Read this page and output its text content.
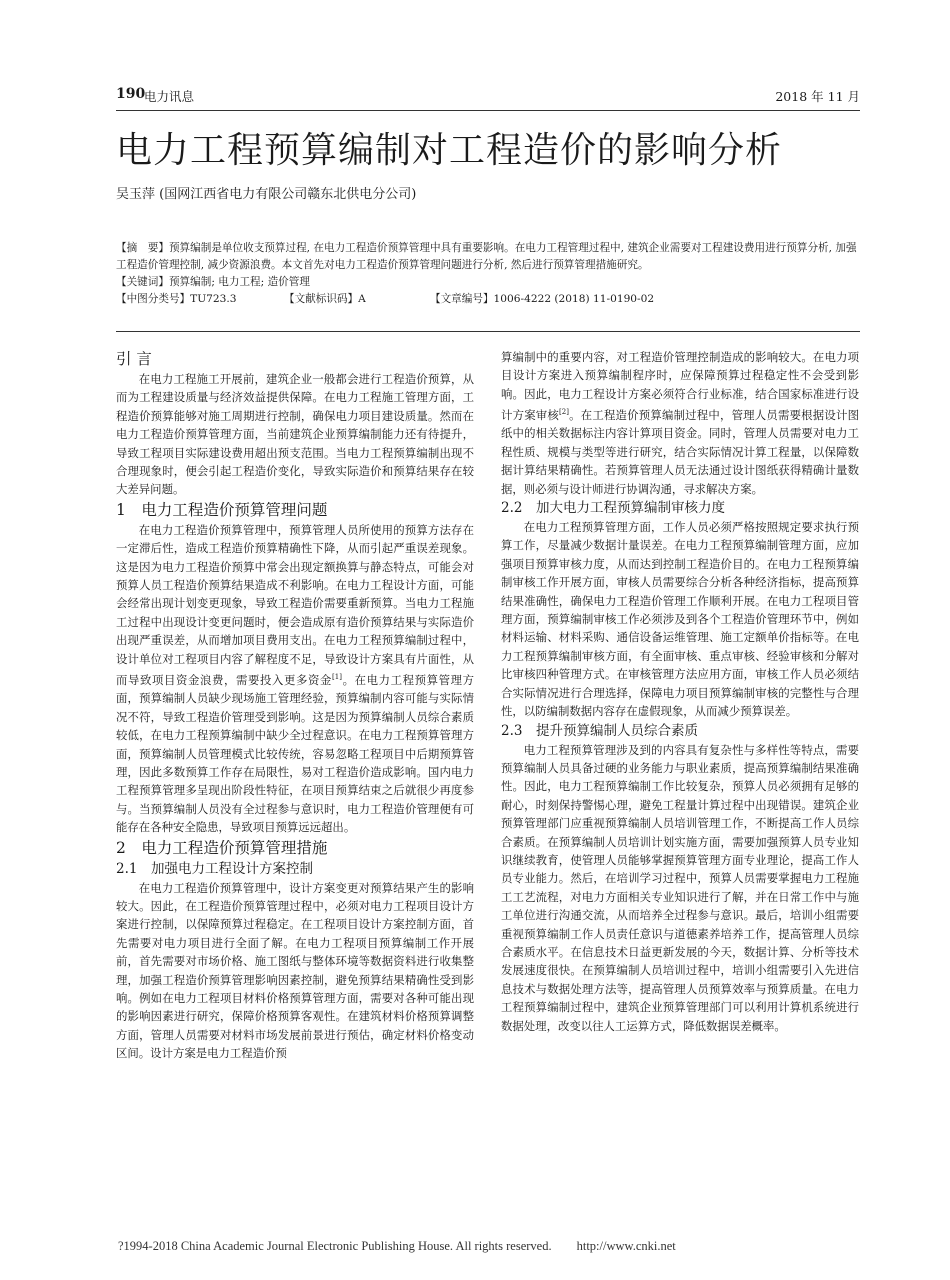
190
电力讯息	2018 年 11 月
电力工程预算编制对工程造价的影响分析
吴玉萍 (国网江西省电力有限公司赣东北供电分公司)

【摘　要】预算编制是单位收支预算过程, 在电力工程造价预算管理中具有重要影响。在电力工程管理过程中, 建筑企业需要对工程建设费用进行预算分析, 加强工程造价管理控制, 减少资源浪费。本文首先对电力工程造价预算管理问题进行分析, 然后进行预算管理措施研究。

【关键词】预算编制; 电力工程; 造价管理

【中图分类号】TU723.3	【文献标识码】A	【文章编号】1006-4222 (2018) 11-0190-02
引 言

在电力工程施工开展前，建筑企业一般都会进行工程造价预算，从而为工程建设质量与经济效益提供保障。在电力工程施工管理方面，工程造价预算能够对施工周期进行控制，确保电力项目建设质量。然而在电力工程造价预算管理方面，当前建筑企业预算编制能力还有待提升，导致工程项目实际建设费用超出预支范围。当电力工程预算编制出现不合理现象时，便会引起工程造价变化，导致实际造价和预算结果存在较大差异问题。

1　电力工程造价预算管理问题

在电力工程造价预算管理中，预算管理人员所使用的预算方法存在一定滞后性，造成工程造价预算精确性下降，从而引起严重误差现象。这是因为电力工程造价预算中常会出现定额换算与静态特点，可能会对预算人员工程造价预算结果造成不利影响。在电力工程设计方面，可能会经常出现计划变更现象，导致工程造价需要重新预算。当电力工程施工过程中出现设计变更问题时，便会造成原有造价预算结果与实际造价出现严重误差，从而增加项目费用支出。在电力工程预算编制过程中，设计单位对工程项目内容了解程度不足，导致设计方案具有片面性，从而导致项目资金浪费，需要投入更多资金[1]。在电力工程预算管理方面，预算编制人员缺少现场施工管理经验，预算编制内容可能与实际情况不符，导致工程造价管理受到影响。这是因为预算编制人员综合素质较低，在电力工程预算编制中缺少全过程意识。在电力工程预算管理方面，预算编制人员管理模式比较传统，容易忽略工程项目中后期预算管理，因此多数预算工作存在局限性，易对工程造价造成影响。国内电力工程预算管理多呈现出阶段性特征，在项目预算结束之后就很少再度参与。当预算编制人员没有全过程参与意识时，电力工程造价管理便有可能存在各种安全隐患，导致项目预算远远超出。

2　电力工程造价预算管理措施
2.1　加强电力工程设计方案控制

在电力工程造价预算管理中，设计方案变更对预算结果产生的影响较大。因此，在工程造价预算管理过程中，必须对电力工程项目设计方案进行控制，以保障预算过程稳定。在工程项目设计方案控制方面，首先需要对电力项目进行全面了解。在电力工程项目预算编制工作开展前，首先需要对市场价格、施工图纸与整体环境等数据资料进行收集整理，加强工程造价预算管理影响因素控制，避免预算结果精确性受到影响。例如在电力工程项目材料价格预算管理方面，需要对各种可能出现的影响因素进行研究，保障价格预算客观性。在建筑材料价格预算调整方面，管理人员需要对材料市场发展前景进行预估，确定材料价格变动区间。设计方案是电力工程造价预

算编制中的重要内容，对工程造价管理控制造成的影响较大。在电力项目设计方案进入预算编制程序时，应保障预算过程稳定性不会受到影响。因此，电力工程设计方案必须符合行业标准，结合国家标准进行设计方案审核[2]。在工程造价预算编制过程中，管理人员需要根据设计图纸中的相关数据标注内容计算项目资金。同时，管理人员需要对电力工程性质、规模与类型等进行研究，结合实际情况计算工程量，以保障数据计算结果精确性。若预算管理人员无法通过设计图纸获得精确计量数据，则必须与设计师进行协调沟通，寻求解决方案。

2.2　加大电力工程预算编制审核力度

在电力工程预算管理方面，工作人员必须严格按照规定要求执行预算工作，尽量减少数据计量误差。在电力工程预算编制管理方面，应加强项目预算审核力度，从而达到控制工程造价目的。在电力工程预算编制审核工作开展方面，审核人员需要综合分析各种经济指标，提高预算结果准确性，确保电力工程造价管理工作顺利开展。在电力工程项目管理方面，预算编制审核工作必须涉及到各个工程造价管理环节中，例如材料运输、材料采购、通信设备运维管理、施工定额单价指标等。在电力工程预算编制审核方面，有全面审核、重点审核、经验审核和分解对比审核四种管理方式。在审核管理方法应用方面，审核工作人员必须结合实际情况进行合理选择，保障电力项目预算编制审核的完整性与合理性，以防编制数据内容存在虚假现象，从而减少预算误差。

2.3　提升预算编制人员综合素质

电力工程预算管理涉及到的内容具有复杂性与多样性等特点，需要预算编制人员具备过硬的业务能力与职业素质，提高预算编制结果准确性。因此，电力工程预算编制工作比较复杂，预算人员必须拥有足够的耐心，时刻保持警惕心理，避免工程量计算过程中出现错误。建筑企业预算管理部门应重视预算编制人员培训管理工作，不断提高工作人员综合素质。在预算编制人员培训计划实施方面，需要加强预算人员专业知识继续教育，使管理人员能够掌握预算管理方面专业理论，提高工作人员专业能力。然后，在培训学习过程中，预算人员需要掌握电力工程施工工艺流程，对电力方面相关专业知识进行了解，并在日常工作中与施工单位进行沟通交流，从而培养全过程参与意识。最后，培训小组需要重视预算编制工作人员责任意识与道德素养培养工作，提高管理人员综合素质水平。在信息技术日益更新发展的今天，数据计算、分析等技术发展速度很快。在预算编制人员培训过程中，培训小组需要引入先进信息技术与数据处理方法等，提高管理人员预算效率与预算质量。在电力工程预算编制过程中，建筑企业预算管理部门可以利用计算机系统进行数据处理，改变以往人工运算方式，降低数据误差概率。

?1994-2018 China Academic Journal Electronic Publishing House. All rights reserved.　　http://www.cnki.net
